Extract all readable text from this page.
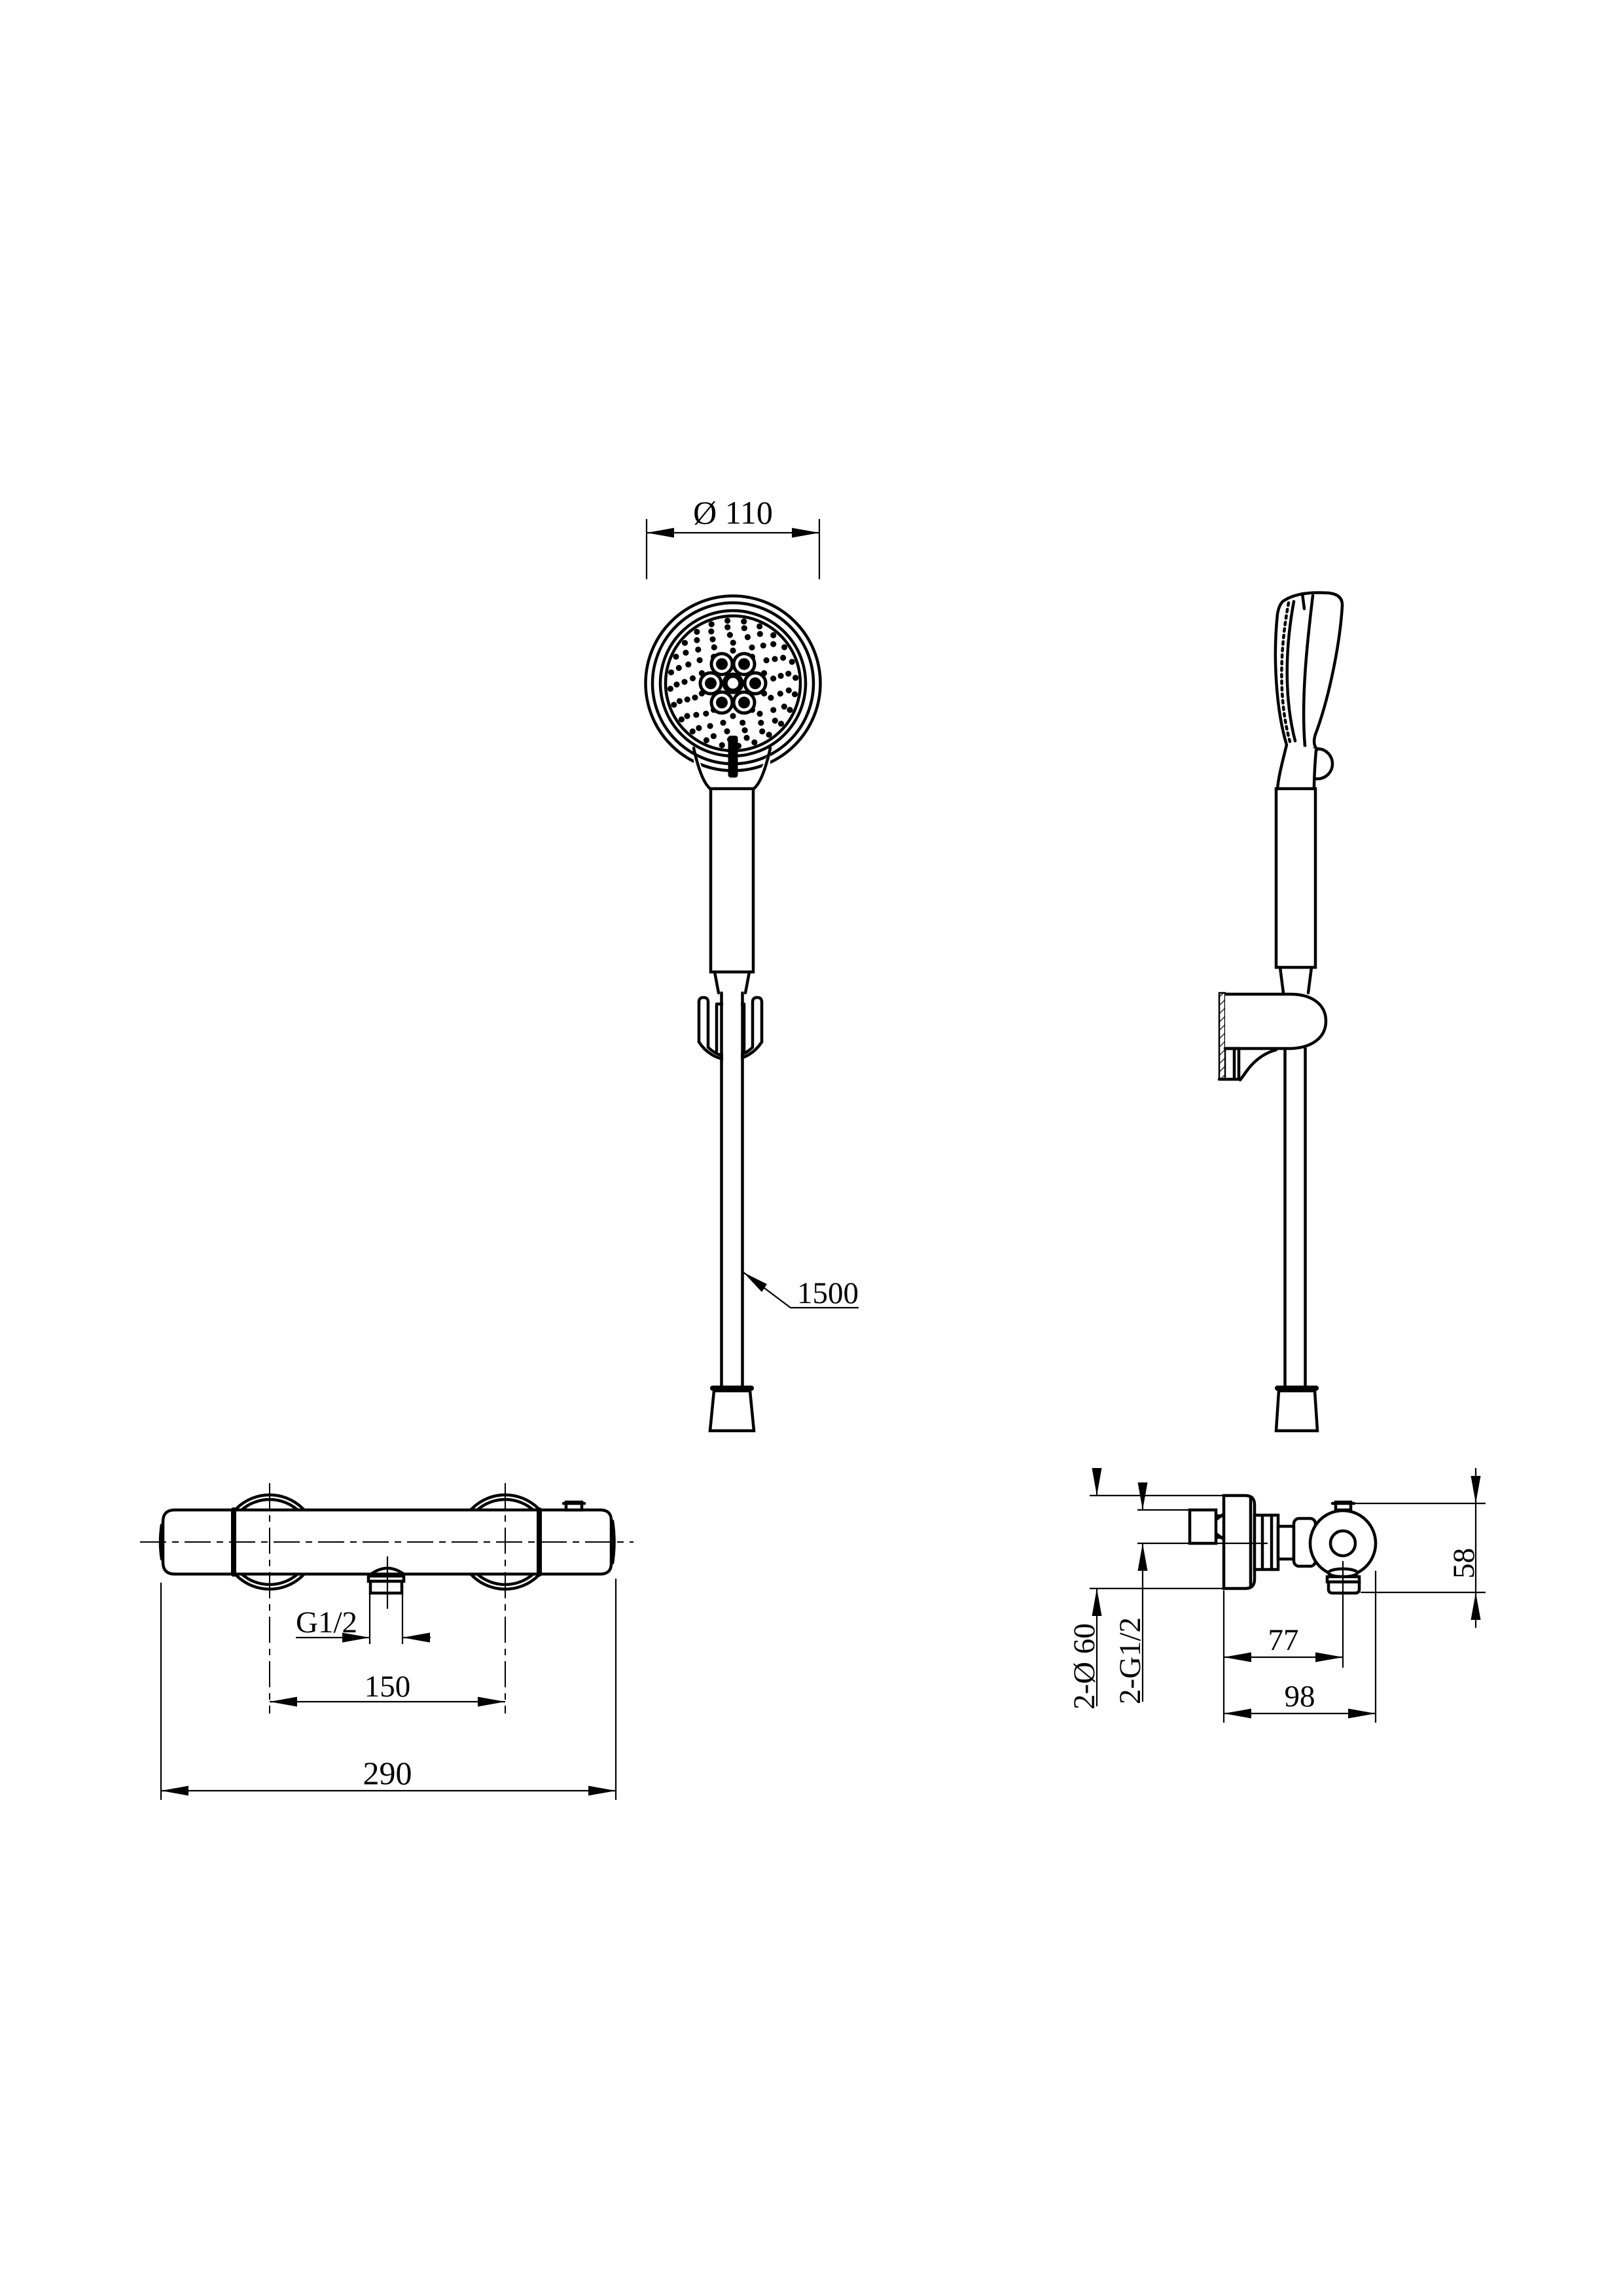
Ø 110
1500
G1/2
150
290
2-Ø 60 2-G1/2
58
77
98
